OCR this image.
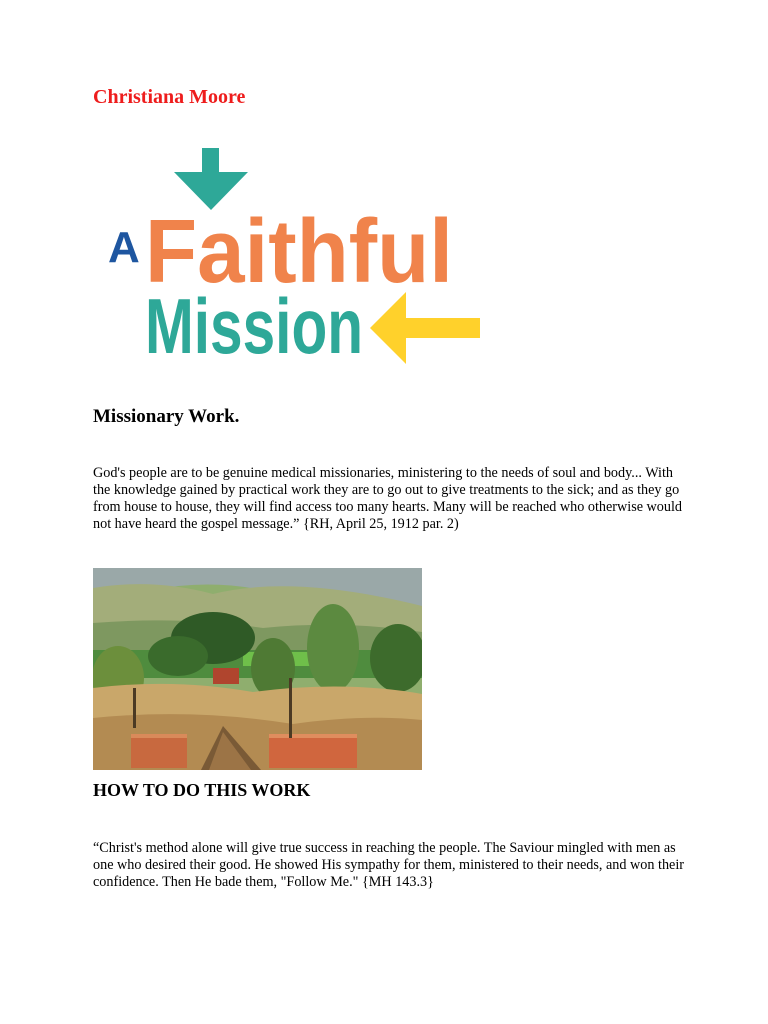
Christiana Moore
A Faithful
Mission
Missionary Work.

God's people are to be genuine medical missionaries, ministering to the needs of soul and body... With the knowledge gained by practical work they are to go out to give treatments to the sick; and as they go from house to house, they will find access too many hearts. Many will be reached who otherwise would not have heard the gospel message.” {RH, April 25, 1912 par. 2)

HOW TO DO THIS WORK

“Christ's method alone will give true success in reaching the people. The Saviour mingled with men as one who desired their good. He showed His sympathy for them, ministered to their needs, and won their confidence. Then He bade them, "Follow Me." {MH 143.3}
